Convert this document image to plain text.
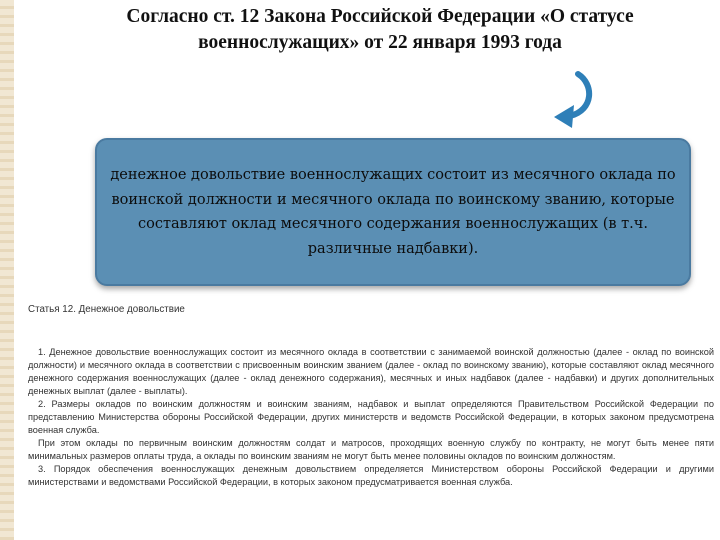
Согласно ст. 12 Закона Российской Федерации «О статусе
военнослужащих» от 22 января 1993 года

денежное довольствие военнослужащих состоит из месячного оклада по воинской должности и месячного оклада по воинскому званию, которые составляют оклад месячного содержания военнослужащих (в т.ч. различные надбавки).

Статья 12. Денежное довольствие

1. Денежное довольствие военнослужащих состоит из месячного оклада в соответствии с занимаемой воинской должностью (далее - оклад по воинской должности) и месячного оклада в соответствии с присвоенным воинским званием (далее - оклад по воинскому званию), которые составляют оклад месячного денежного содержания военнослужащих (далее - оклад денежного содержания), месячных и иных надбавок (далее - надбавки) и других дополнительных денежных выплат (далее - выплаты).

2. Размеры окладов по воинским должностям и воинским званиям, надбавок и выплат определяются Правительством Российской Федерации по представлению Министерства обороны Российской Федерации, других министерств и ведомств Российской Федерации, в которых законом предусмотрена военная служба.

При этом оклады по первичным воинским должностям солдат и матросов, проходящих военную службу по контракту, не могут быть менее пяти минимальных размеров оплаты труда, а оклады по воинским званиям не могут быть менее половины окладов по воинским должностям.

3. Порядок обеспечения военнослужащих денежным довольствием определяется Министерством обороны Российской Федерации и другими министерствами и ведомствами Российской Федерации, в которых законом предусматривается военная служба.
